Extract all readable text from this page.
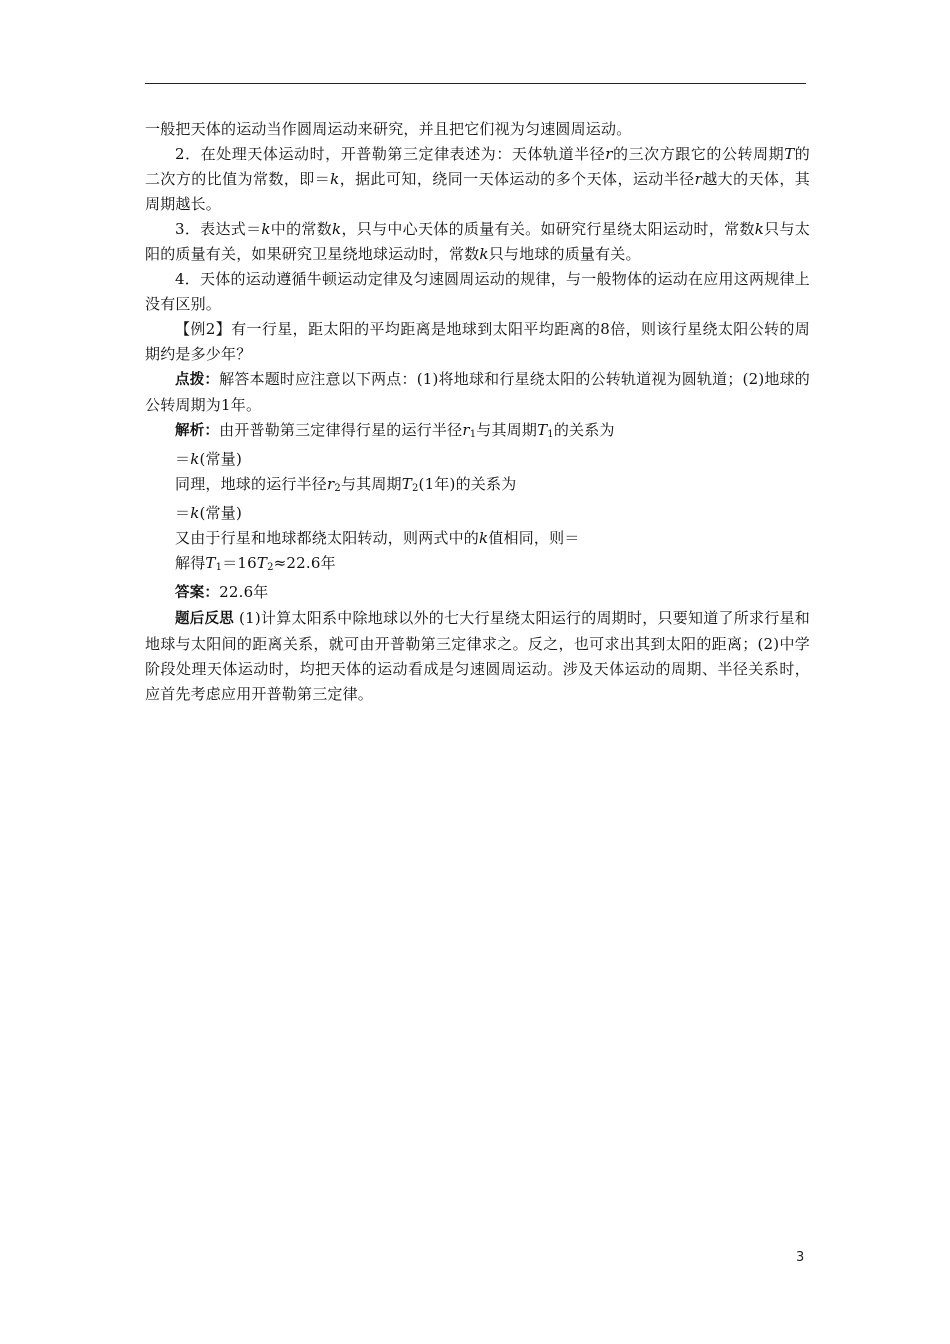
一般把天体的运动当作圆周运动来研究，并且把它们视为匀速圆周运动。

2．在处理天体运动时，开普勒第三定律表述为：天体轨道半径r的三次方跟它的公转周期T的二次方的比值为常数，即＝k，据此可知，绕同一天体运动的多个天体，运动半径r越大的天体，其周期越长。

3．表达式＝k中的常数k，只与中心天体的质量有关。如研究行星绕太阳运动时，常数k只与太阳的质量有关，如果研究卫星绕地球运动时，常数k只与地球的质量有关。

4．天体的运动遵循牛顿运动定律及匀速圆周运动的规律，与一般物体的运动在应用这两规律上没有区别。

【例2】有一行星，距太阳的平均距离是地球到太阳平均距离的8倍，则该行星绕太阳公转的周期约是多少年？

点拨：解答本题时应注意以下两点：(1)将地球和行星绕太阳的公转轨道视为圆轨道；(2)地球的公转周期为1年。

解析：由开普勒第三定律得行星的运行半径$r_1$与其周期$T_1$的关系为

＝k(常量)

同理，地球的运行半径$r_2$与其周期$T_2(1$年)的关系为

＝k(常量)

又由于行星和地球都绕太阳转动，则两式中的k值相同，则＝

解得$T_1=16T_2\approx 22.6$年

答案：22.6年

题后反思 (1)计算太阳系中除地球以外的七大行星绕太阳运行的周期时，只要知道了所求行星和地球与太阳间的距离关系，就可由开普勒第三定律求之。反之，也可求出其到太阳的距离；(2)中学阶段处理天体运动时，均把天体的运动看成是匀速圆周运动。涉及天体运动的周期、半径关系时，应首先考虑应用开普勒第三定律。

3
